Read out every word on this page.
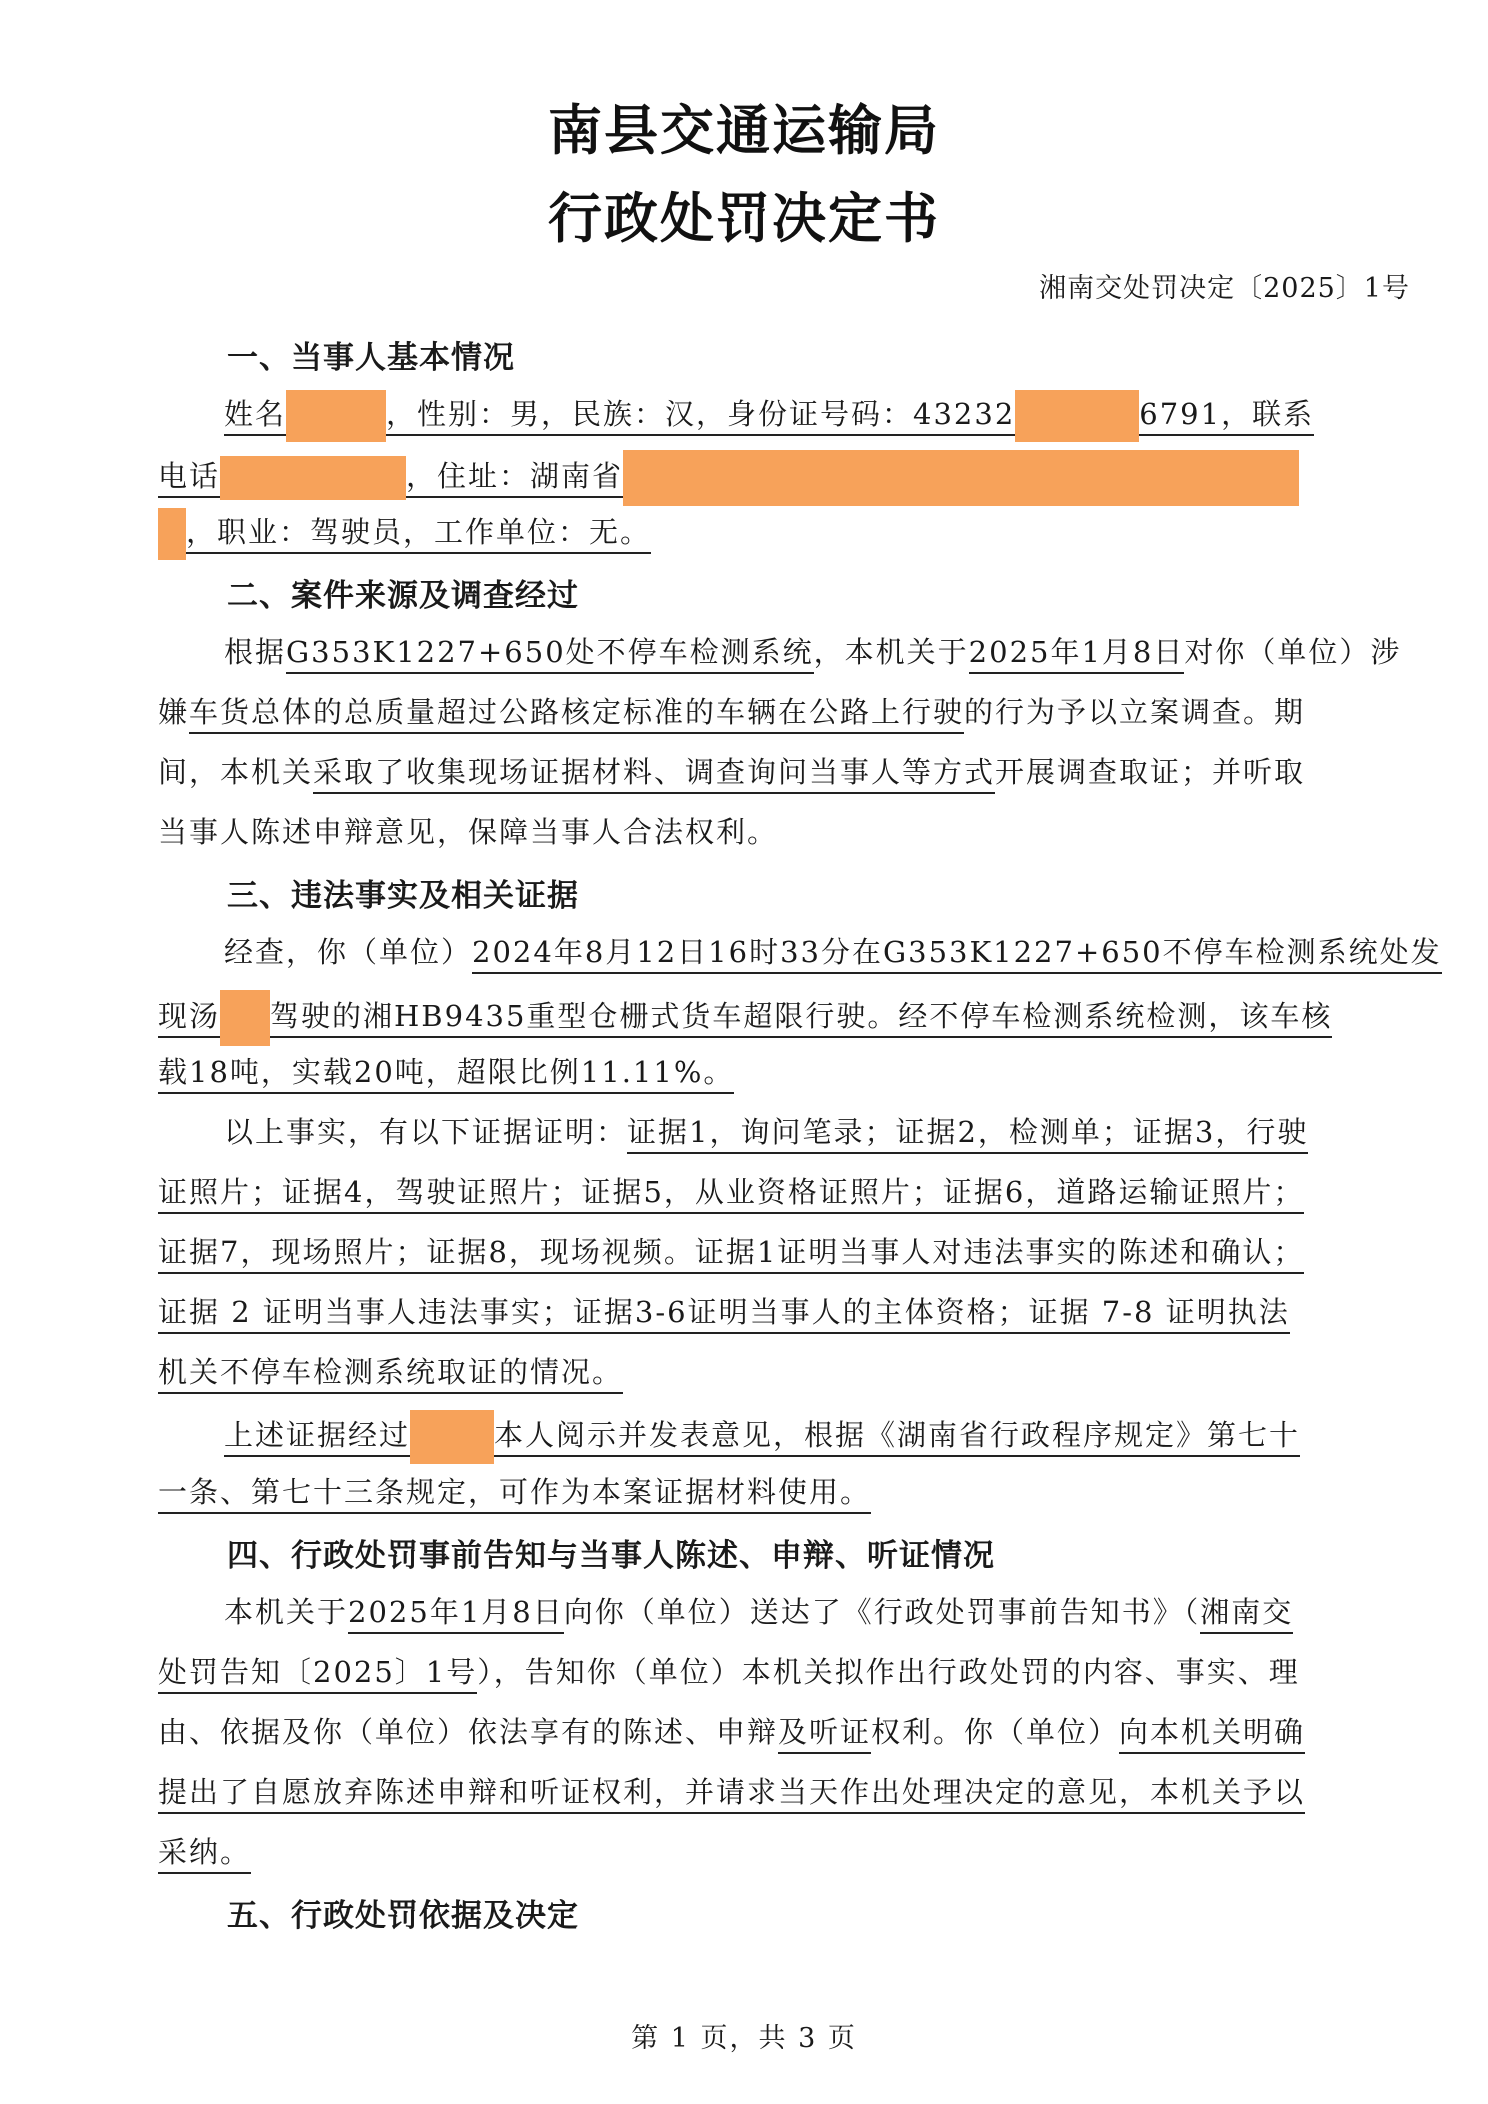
南县交通运输局
行政处罚决定书
湘南交处罚决定〔2025〕1号
一、当事人基本情况
姓名	，性别：男，民族：汉，身份证号码：43232	6791，联系
电话	，住址：湖南省
，职业：驾驶员，工作单位：无。
二、案件来源及调查经过
根据G353K1227+650处不停车检测系统，本机关于2025年1月8日对你（单位）涉
嫌车货总体的总质量超过公路核定标准的车辆在公路上行驶的行为予以立案调查。期
间，本机关采取了收集现场证据材料、调查询问当事人等方式开展调查取证；并听取
当事人陈述申辩意见，保障当事人合法权利。
三、违法事实及相关证据
经查，你（单位）2024年8月12日16时33分在G353K1227+650不停车检测系统处发
现汤 驾驶的湘HB9435重型仓栅式货车超限行驶。经不停车检测系统检测，该车核
载18吨，实载20吨，超限比例11.11%。
以上事实，有以下证据证明：证据1，询问笔录；证据2，检测单；证据3，行驶
证照片；证据4，驾驶证照片；证据5，从业资格证照片；证据6，道路运输证照片；
证据7，现场照片；证据8，现场视频。证据1证明当事人对违法事实的陈述和确认；
证据 2 证明当事人违法事实；证据3-6证明当事人的主体资格；证据 7-8 证明执法
机关不停车检测系统取证的情况。
上述证据经过	本人阅示并发表意见，根据《湖南省行政程序规定》第七十
一条、第七十三条规定，可作为本案证据材料使用。
四、行政处罚事前告知与当事人陈述、申辩、听证情况
本机关于2025年1月8日向你（单位）送达了《行政处罚事前告知书》（湘南交
处罚告知〔2025〕1号），告知你（单位）本机关拟作出行政处罚的内容、事实、理
由、依据及你（单位）依法享有的陈述、申辩及听证权利。你（单位）向本机关明确
提出了自愿放弃陈述申辩和听证权利，并请求当天作出处理决定的意见，本机关予以
采纳。
五、行政处罚依据及决定
第 1 页，共 3 页
